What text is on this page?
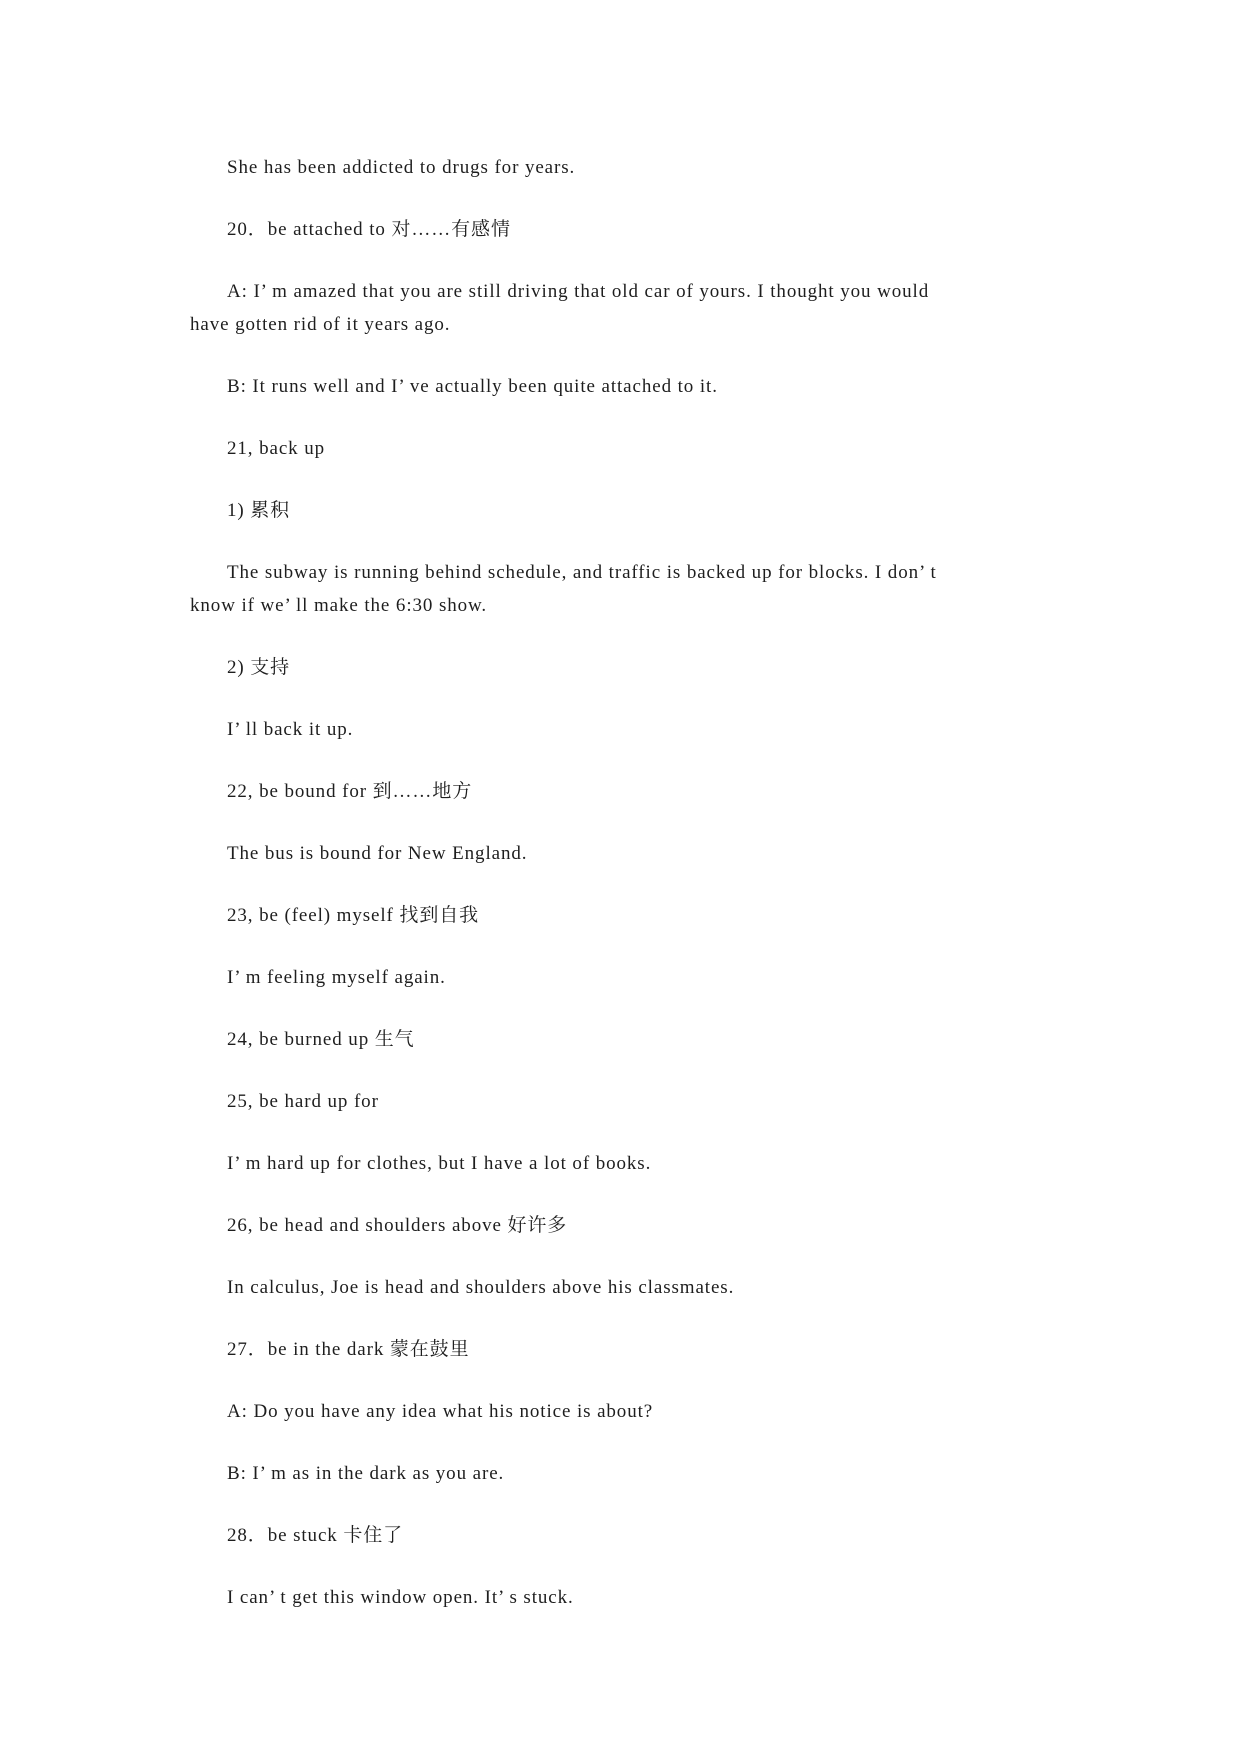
She has been addicted to drugs for years.
20．be attached to 对……有感情
A: I’ m amazed that you are still driving that old car of yours. I thought you would
have gotten rid of it years ago.
B: It runs well and I’ ve actually been quite attached to it.
21, back up
1) 累积
The subway is running behind schedule, and traffic is backed up for blocks. I don’ t
know if we’ ll make the 6:30 show.
2) 支持
I’ ll back it up.
22, be bound for 到……地方
The bus is bound for New England.
23, be (feel) myself 找到自我
I’ m feeling myself again.
24, be burned up 生气
25, be hard up for
I’ m hard up for clothes, but I have a lot of books.
26, be head and shoulders above 好许多
In calculus, Joe is head and shoulders above his classmates.
27．be in the dark 蒙在鼓里
A: Do you have any idea what his notice is about?
B: I’ m as in the dark as you are.
28．be stuck 卡住了
I can’ t get this window open. It’ s stuck.
